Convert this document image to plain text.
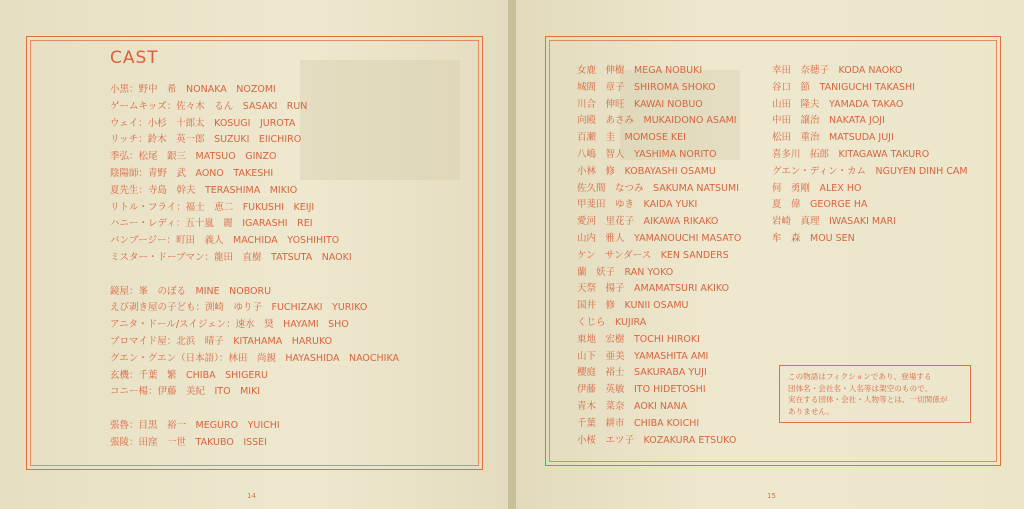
CAST
小黒：野中　希　NONAKA　NOZOMI
ゲームキッズ：佐々木　るん　SASAKI　RUN
ウェイ：小杉　十郎太　KOSUGI　JUROTA
リッチ：鈴木　英一郎　SUZUKI　EIICHIRO
季弘：松尾　銀三　MATSUO　GINZO
陰陽師：青野　武　AONO　TAKESHI
夏先生：寺島　幹夫　TERASHIMA　MIKIO
リトル・フライ：福士　恵二　FUKUSHI　KEIJI
ハニー・レディ：五十嵐　麗　IGARASHI　REI
バンブージー：町田　義人　MACHIDA　YOSHIHITO
ミスター・ドーブマン：龍田　直樹　TATSUTA　NAOKI
鏡屋：峯　のぼる　MINE　NOBORU
えび剥き屋の子ども：渕崎　ゆり子　FUCHIZAKI　YURIKO
アニタ・ドール/スイジェン：速水　奨　HAYAMI　SHO
ブロマイド屋：北浜　晴子　KITAHAMA　HARUKO
グエン・グエン（日本語）：林田　尚親　HAYASHIDA　NAOCHIKA
玄機：千葉　繁　CHIBA　SHIGERU
コニー楊：伊藤　美紀　ITO　MIKI
張魯：目黒　裕一　MEGURO　YUICHI
張陵：田窪　一世　TAKUBO　ISSEI
女鹿　伸樹　MEGA NOBUKI
城間　章子　SHIROMA SHOKO
川合　伸旺　KAWAI NOBUO
向殿　あさみ　MUKAIDONO ASAMI
百瀬　圭　MOMOSE KEI
八嶋　智人　YASHIMA NORITO
小林　修　KOBAYASHI OSAMU
佐久間　なつみ　SAKUMA NATSUMI
甲斐田　ゆき　KAIDA YUKI
愛河　里花子　AIKAWA RIKAKO
山内　雅人　YAMANOUCHI MASATO
ケン　サンダース　KEN SANDERS
蘭　妖子　RAN YOKO
天祭　揚子　AMAMATSURI AKIKO
国井　修　KUNII OSAMU
くじら　KUJIRA
東地　宏樹　TOCHI HIROKI
山下　亜美　YAMASHITA AMI
櫻庭　裕士　SAKURABA YUJI
伊藤　英敏　ITO HIDETOSHI
青木　菜奈　AOKI NANA
千葉　耕市　CHIBA KOICHI
小桜　エツ子　KOZAKURA ETSUKO
幸田　奈穂子　KODA NAOKO
谷口　節　TANIGUCHI TAKASHI
山田　隆夫　YAMADA TAKAO
中田　譲治　NAKATA JOJI
松田　重治　MATSUDA JUJI
喜多川　拓郎　KITAGAWA TAKURO
グエン・ディン・カム　NGUYEN DINH CAM
何　勇剛　ALEX HO
夏　偉　GEORGE HA
岩崎　真理　IWASAKI MARI
牟　森　MOU SEN
この物語はフィクションであり、登場する
団体名・会社名・人名等は架空のもので、
実在する団体・会社・人物等とは、一切関係が
ありません。
14	15
